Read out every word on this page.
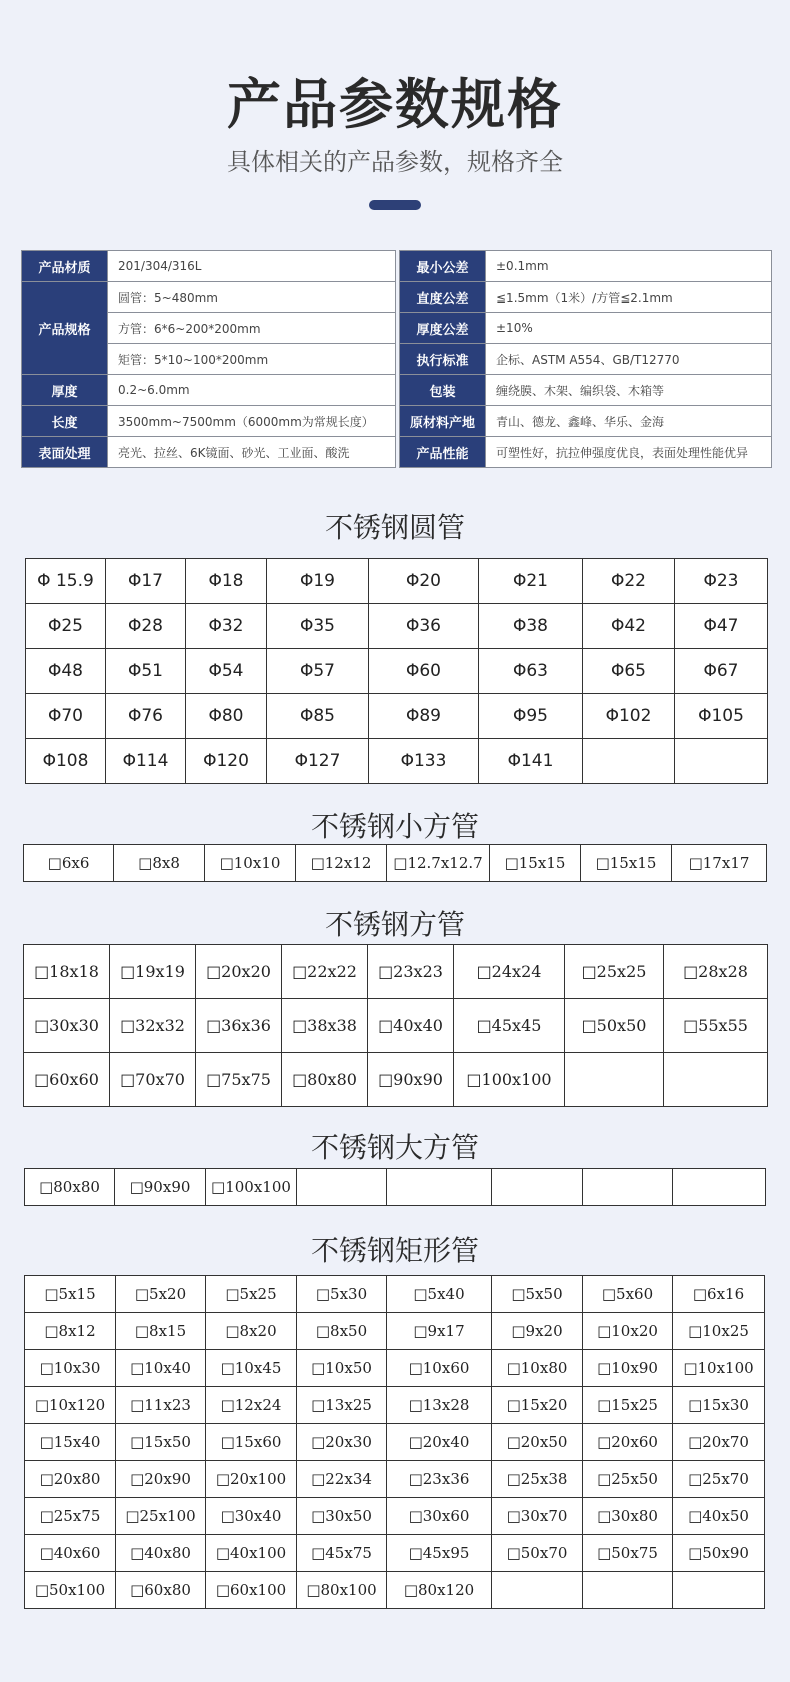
产品参数规格
具体相关的产品参数，规格齐全
产品材质	201/304/316L		最小公差	±0.1mm
产品规格	圆管：5~480mm		直度公差	≦1.5mm（1米）/方管≦2.1mm
	方管：6*6~200*200mm		厚度公差	±10%
	矩管：5*10~100*200mm		执行标准	企标、ASTM A554、GB/T12770
厚度	0.2~6.0mm		包装	缠绕膜、木架、编织袋、木箱等
长度	3500mm~7500mm（6000mm为常规长度）		原材料产地	青山、德龙、鑫峰、华乐、金海
表面处理	亮光、拉丝、6K镜面、砂光、工业面、酸洗		产品性能	可塑性好，抗拉伸强度优良，表面处理性能优异
不锈钢圆管
Φ 15.9	Φ17	Φ18	Φ19	Φ20	Φ21	Φ22	Φ23
Φ25	Φ28	Φ32	Φ35	Φ36	Φ38	Φ42	Φ47
Φ48	Φ51	Φ54	Φ57	Φ60	Φ63	Φ65	Φ67
Φ70	Φ76	Φ80	Φ85	Φ89	Φ95	Φ102	Φ105
Φ108	Φ114	Φ120	Φ127	Φ133	Φ141		
不锈钢小方管
□6x6	□8x8	□10x10	□12x12	□12.7x12.7	□15x15	□15x15	□17x17
不锈钢方管
□18x18	□19x19	□20x20	□22x22	□23x23	□24x24	□25x25	□28x28
□30x30	□32x32	□36x36	□38x38	□40x40	□45x45	□50x50	□55x55
□60x60	□70x70	□75x75	□80x80	□90x90	□100x100		
不锈钢大方管
□80x80	□90x90	□100x100					
不锈钢矩形管
□5x15	□5x20	□5x25	□5x30	□5x40	□5x50	□5x60	□6x16
□8x12	□8x15	□8x20	□8x50	□9x17	□9x20	□10x20	□10x25
□10x30	□10x40	□10x45	□10x50	□10x60	□10x80	□10x90	□10x100
□10x120	□11x23	□12x24	□13x25	□13x28	□15x20	□15x25	□15x30
□15x40	□15x50	□15x60	□20x30	□20x40	□20x50	□20x60	□20x70
□20x80	□20x90	□20x100	□22x34	□23x36	□25x38	□25x50	□25x70
□25x75	□25x100	□30x40	□30x50	□30x60	□30x70	□30x80	□40x50
□40x60	□40x80	□40x100	□45x75	□45x95	□50x70	□50x75	□50x90
□50x100	□60x80	□60x100	□80x100	□80x120			
